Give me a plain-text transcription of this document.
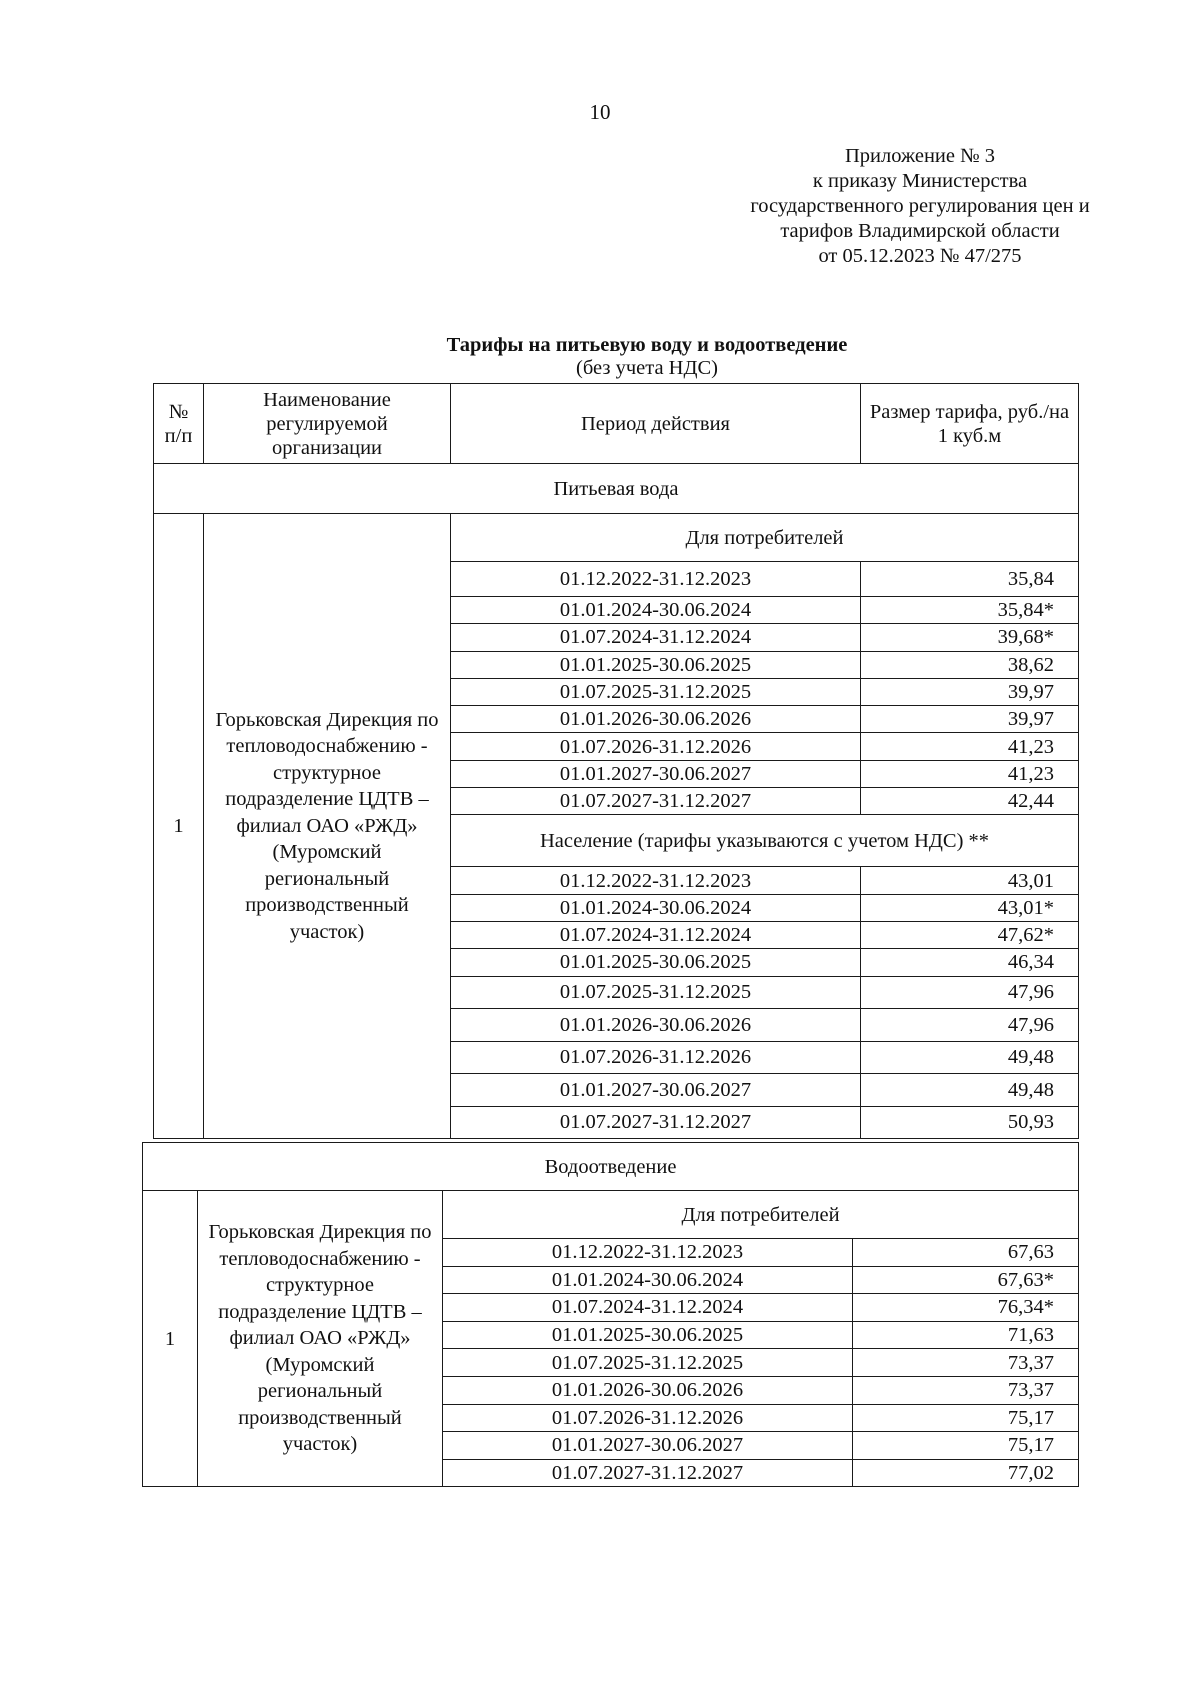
10
Приложение № 3
к приказу Министерства
государственного регулирования цен и
тарифов Владимирской области
от 05.12.2023 № 47/275
Тарифы на питьевую воду и водоотведение
(без учета НДС)
№ п/п	Наименование регулируемой организации	Период действия	Размер тарифа, руб./на 1 куб.м
Питьевая вода			
1	Горьковская Дирекция по тепловодоснабжению - структурное подразделение ЦДТВ – филиал ОАО «РЖД» (Муромский региональный производственный участок)	Для потребителей	
		01.12.2022-31.12.2023	35,84
		01.01.2024-30.06.2024	35,84*
		01.07.2024-31.12.2024	39,68*
		01.01.2025-30.06.2025	38,62
		01.07.2025-31.12.2025	39,97
		01.01.2026-30.06.2026	39,97
		01.07.2026-31.12.2026	41,23
		01.01.2027-30.06.2027	41,23
		01.07.2027-31.12.2027	42,44
		Население (тарифы указываются с учетом НДС) **	
		01.12.2022-31.12.2023	43,01
		01.01.2024-30.06.2024	43,01*
		01.07.2024-31.12.2024	47,62*
		01.01.2025-30.06.2025	46,34
		01.07.2025-31.12.2025	47,96
		01.01.2026-30.06.2026	47,96
		01.07.2026-31.12.2026	49,48
		01.01.2027-30.06.2027	49,48
		01.07.2027-31.12.2027	50,93
Водоотведение			
1	Горьковская Дирекция по тепловодоснабжению - структурное подразделение ЦДТВ – филиал ОАО «РЖД» (Муромский региональный производственный участок)	Для потребителей	
		01.12.2022-31.12.2023	67,63
		01.01.2024-30.06.2024	67,63*
		01.07.2024-31.12.2024	76,34*
		01.01.2025-30.06.2025	71,63
		01.07.2025-31.12.2025	73,37
		01.01.2026-30.06.2026	73,37
		01.07.2026-31.12.2026	75,17
		01.01.2027-30.06.2027	75,17
		01.07.2027-31.12.2027	77,02
